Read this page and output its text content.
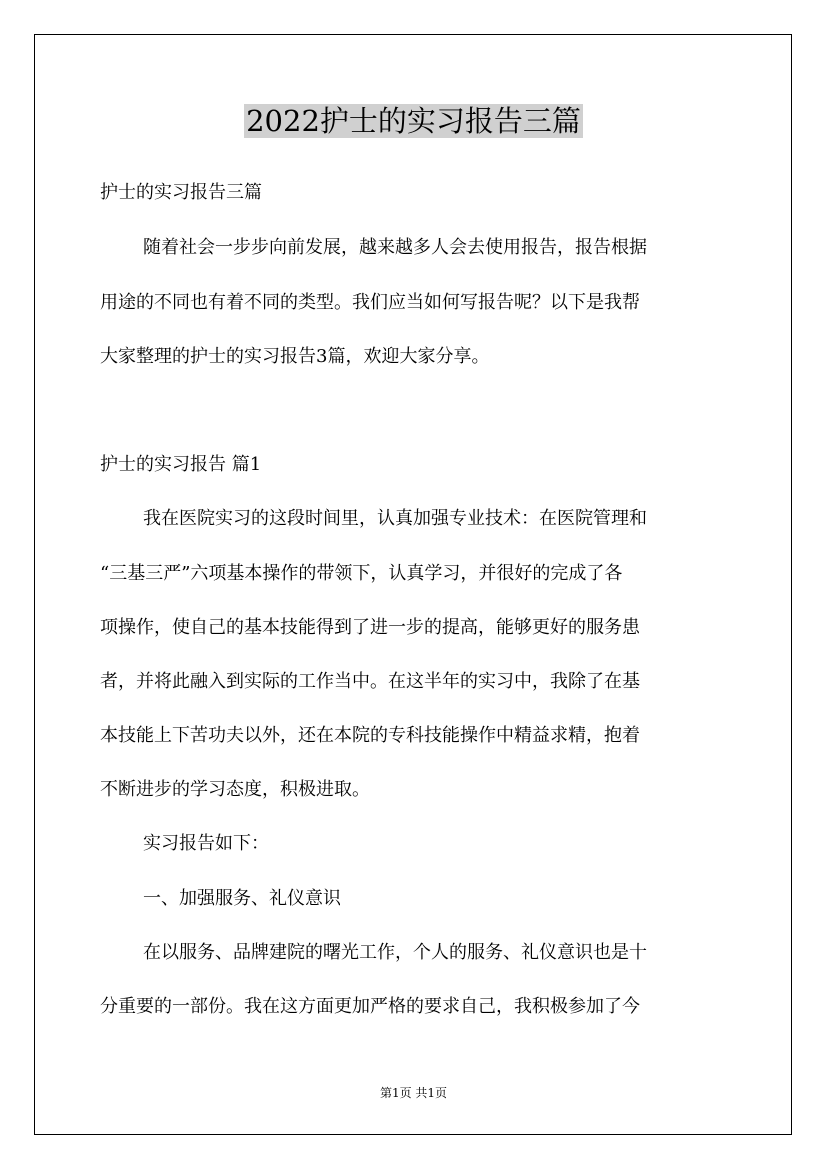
2022护士的实习报告三篇
护士的实习报告三篇
随着社会一步步向前发展，越来越多人会去使用报告，报告根据
用途的不同也有着不同的类型。我们应当如何写报告呢？以下是我帮
大家整理的护士的实习报告3篇，欢迎大家分享。
护士的实习报告 篇1
我在医院实习的这段时间里，认真加强专业技术：在医院管理和
“三基三严”六项基本操作的带领下，认真学习，并很好的完成了各
项操作，使自己的基本技能得到了进一步的提高，能够更好的服务患
者，并将此融入到实际的工作当中。在这半年的实习中，我除了在基
本技能上下苦功夫以外，还在本院的专科技能操作中精益求精，抱着
不断进步的学习态度，积极进取。
实习报告如下：
一、加强服务、礼仪意识
在以服务、品牌建院的曙光工作，个人的服务、礼仪意识也是十
分重要的一部份。我在这方面更加严格的要求自己，我积极参加了今
第1页 共1页
